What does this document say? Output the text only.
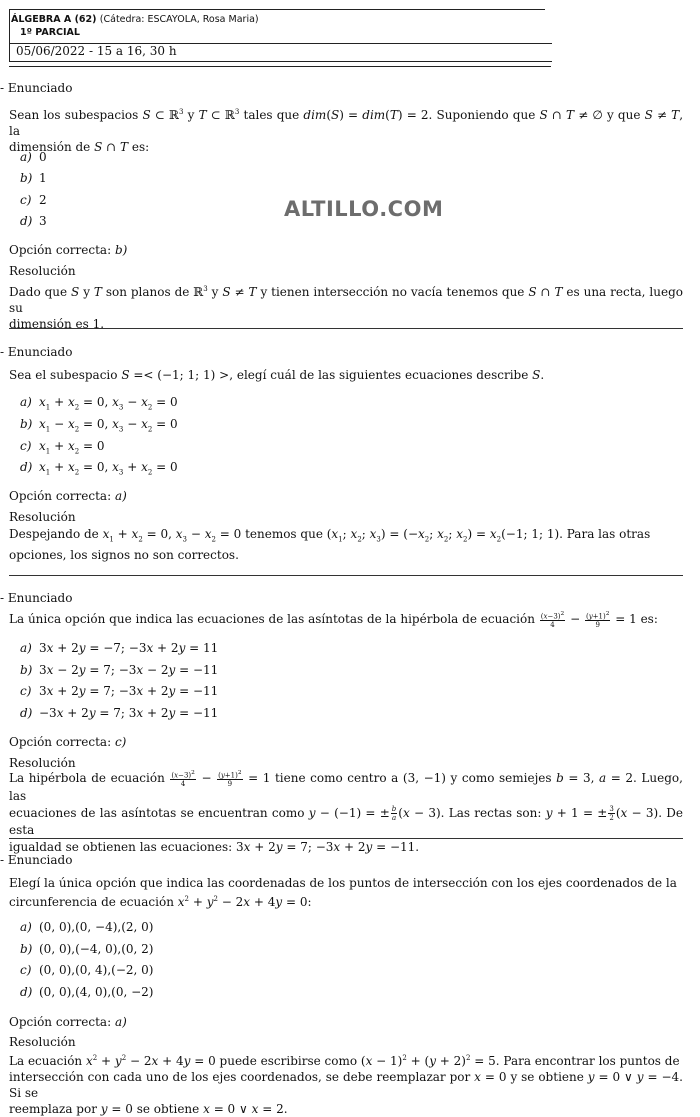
ÁLGEBRA A (62) (Cátedra: ESCAYOLA, Rosa Maria)
1º PARCIAL
05/06/2022 - 15 a 16, 30 h
ALTILLO.COM
- Enunciado
Sean los subespacios S ⊂ ℝ$^3$ y T ⊂ ℝ$^3$ tales que dim(S) = dim(T) = 2. Suponiendo que S ∩ T ≠ ∅ y que S ≠ T, la
dimensión de S ∩ T es:
a) 0
b) 1
c) 2
d) 3
Opción correcta: b)
Resolución
Dado que S y T son planos de ℝ$^3$ y S ≠ T y tienen intersección no vacía tenemos que S ∩ T es una recta, luego su
dimensión es 1.
- Enunciado
Sea el subespacio S =< (−1; 1; 1) >, elegí cuál de las siguientes ecuaciones describe S.
a) $x_1 + x_2 = 0$, $x_3 - x_2 = 0$
b) $x_1 - x_2 = 0$, $x_3 - x_2 = 0$
c) $x_1 + x_2 = 0$
d) $x_1 + x_2 = 0$, $x_3 + x_2 = 0$
Opción correcta: a)
Resolución
Despejando de $x_1 + x_2 = 0$, $x_3 - x_2 = 0$ tenemos que ($x_1$; $x_2$; $x_3) = (-x_2$; $x_2$; $x_2) = x_2(-1$; 1; 1). Para las otras
opciones, los signos no son correctos.
- Enunciado
La única opción que indica las ecuaciones de las asíntotas de la hipérbola de ecuación $\frac{(x-3)^2}{4} - \frac{(y+1)^2}{9} = 1$ es:
a) 3x + 2y = −7; −3x + 2y = 11
b) 3x − 2y = 7; −3x − 2y = −11
c) 3x + 2y = 7; −3x + 2y = −11
d) −3x + 2y = 7; 3x + 2y = −11
Opción correcta: c)
Resolución
La hipérbola de ecuación $\frac{(x-3)^2}{4} - \frac{(y+1)^2}{9} = 1$ tiene como centro a (3, −1) y como semiejes b = 3, a = 2. Luego, las
ecuaciones de las asíntotas se encuentran como y − (−1) = ± $\frac{b}{a} (x - 3)$. Las rectas son: y + 1 = ± $\frac{3}{2} (x - 3)$. De esta
igualdad se obtienen las ecuaciones: 3x + 2y = 7; −3x + 2y = −11.
- Enunciado
Elegí la única opción que indica las coordenadas de los puntos de intersección con los ejes coordenados de la
circunferencia de ecuación $x^2 + y^2 - 2x + 4y = 0$:
a) (0, 0),(0, −4),(2, 0)
b) (0, 0),(−4, 0),(0, 2)
c) (0, 0),(0, 4),(−2, 0)
d) (0, 0),(4, 0),(0, −2)
Opción correcta: a)
Resolución
La ecuación $x^2 + y^2 - 2x + 4y = 0$ puede escribirse como $(x - 1)^2 + (y + 2)^2 = 5$. Para encontrar los puntos de
intersección con cada uno de los ejes coordenados, se debe reemplazar por x = 0 y se obtiene y = 0 ∨ y = −4. Si se
reemplaza por y = 0 se obtiene x = 0 ∨ x = 2.
